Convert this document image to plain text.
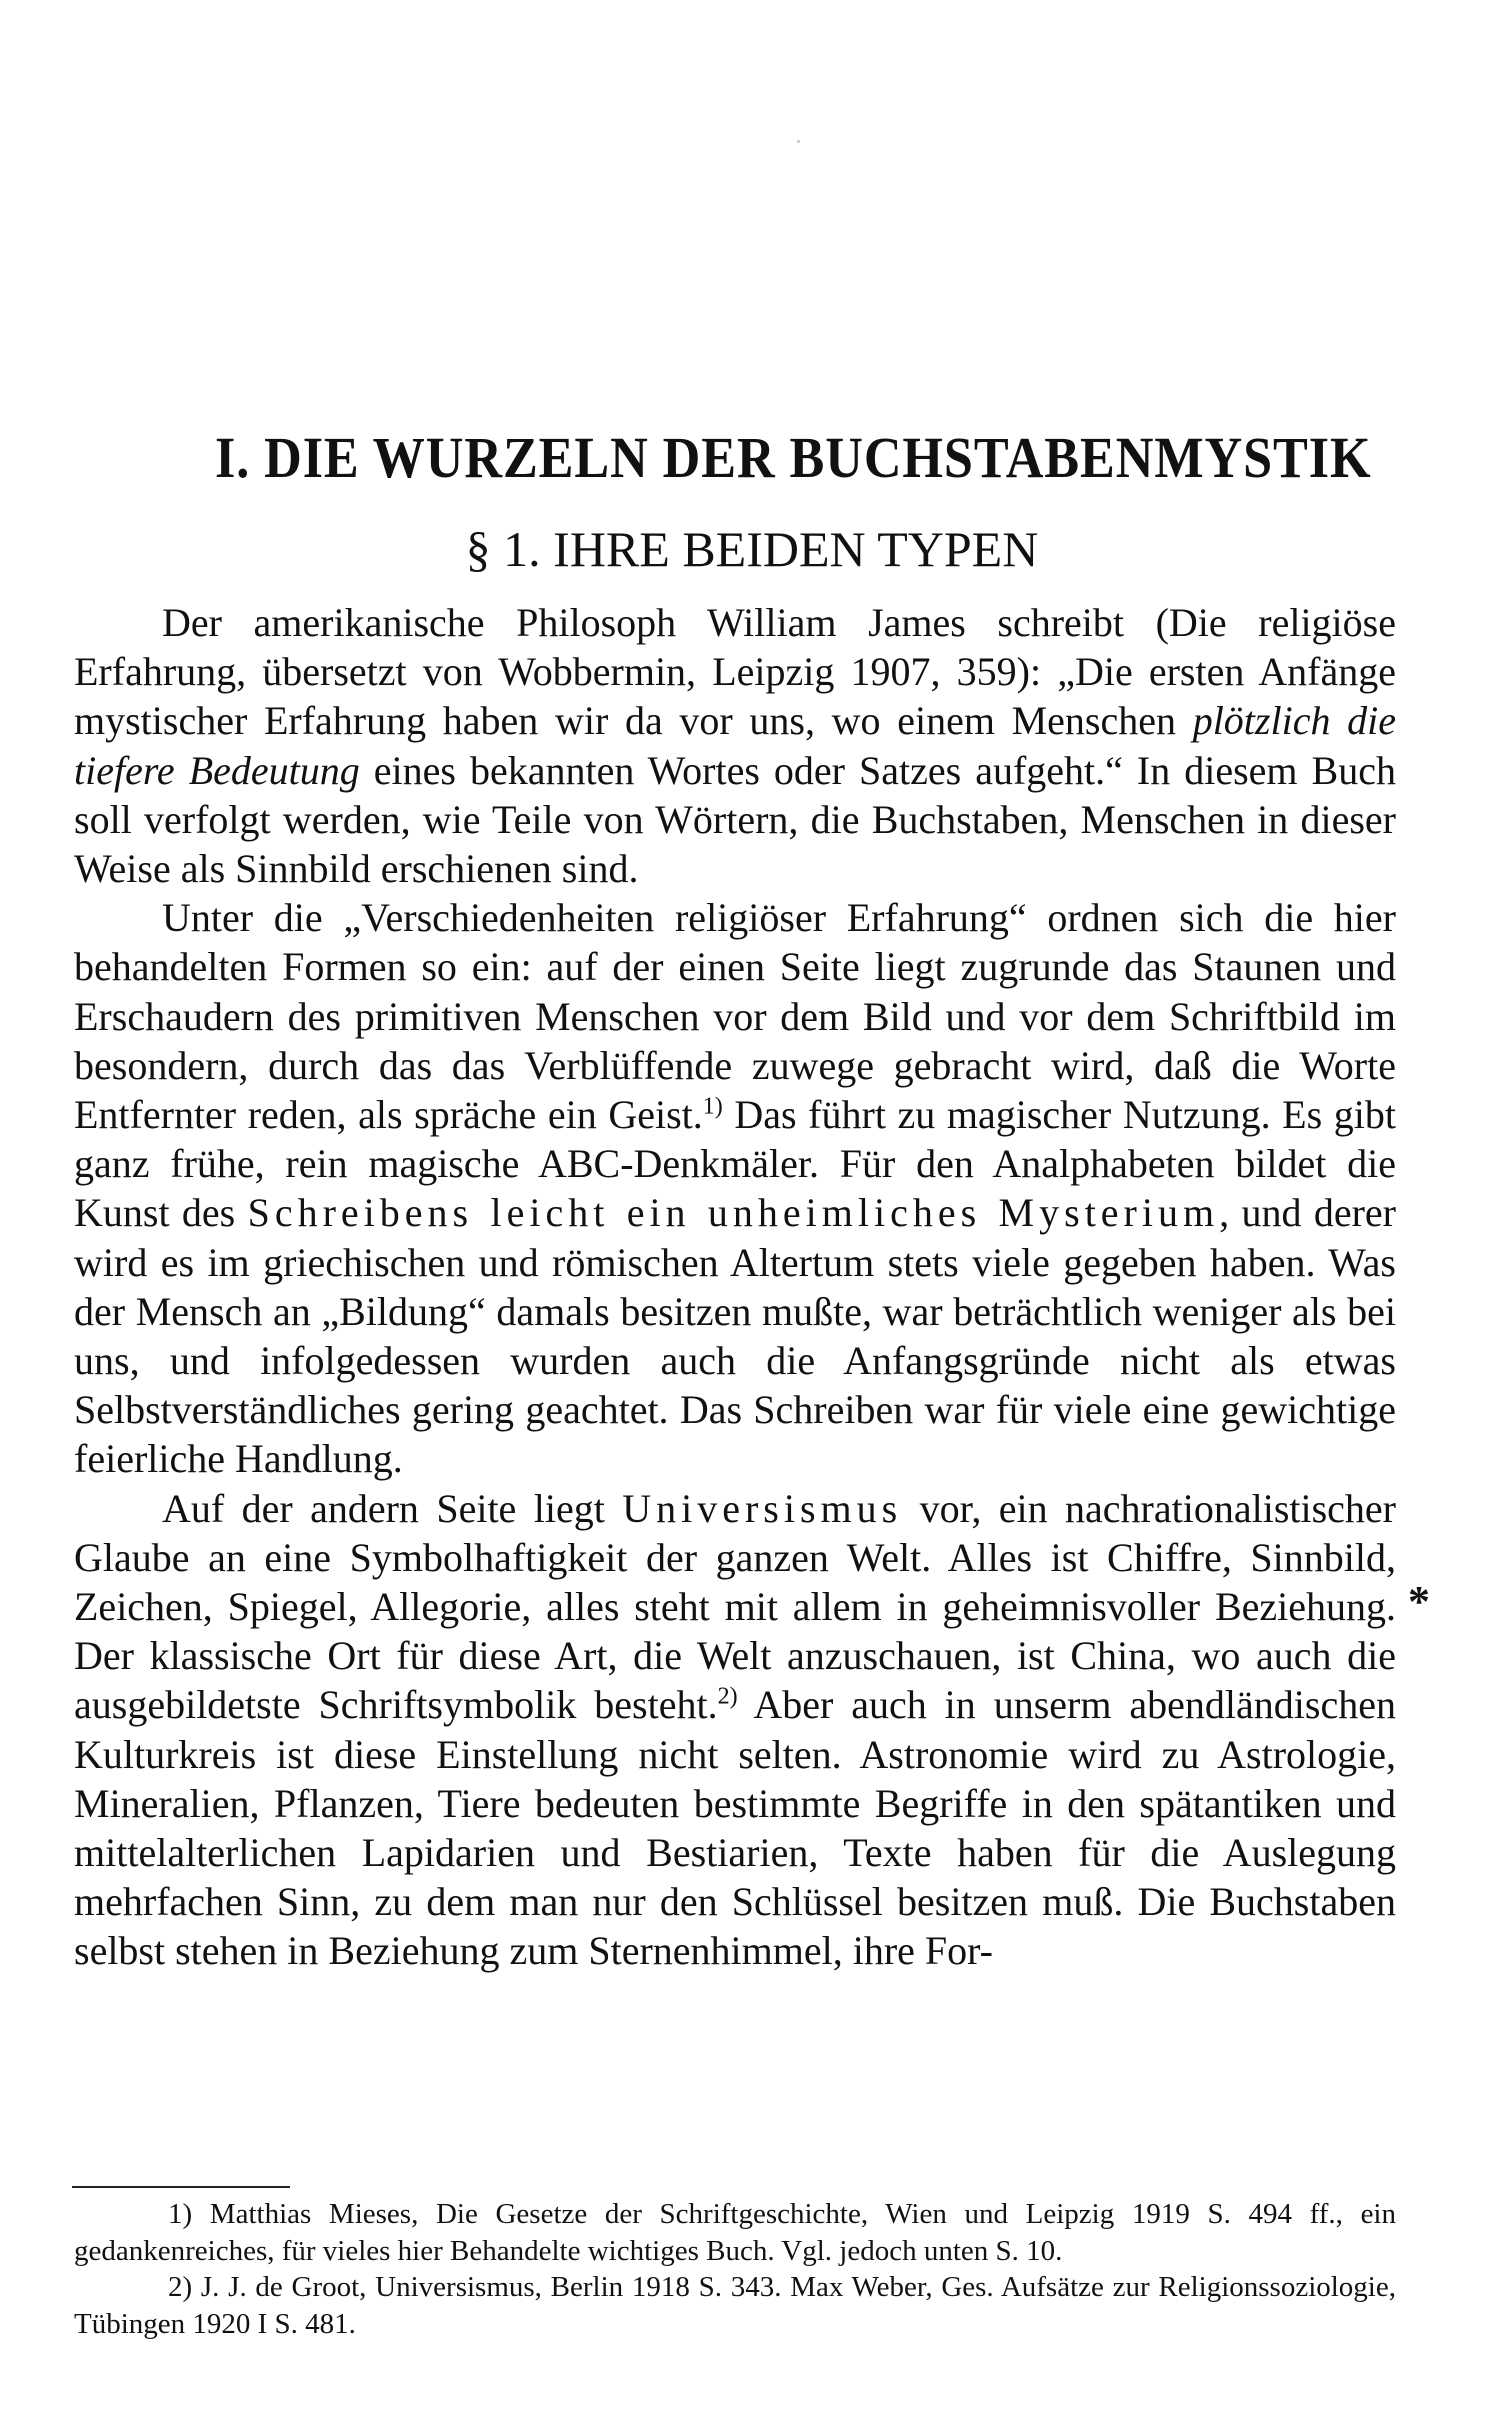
I. DIE WURZELN DER BUCHSTABENMYSTIK
§ 1. IHRE BEIDEN TYPEN

Der amerikanische Philosoph William James schreibt (Die religiöse Erfahrung, übersetzt von Wobbermin, Leipzig 1907, 359): „Die ersten Anfänge mystischer Erfahrung haben wir da vor uns, wo einem Menschen plötzlich die tiefere Bedeutung eines bekannten Wortes oder Satzes aufgeht.“ In diesem Buch soll verfolgt werden, wie Teile von Wörtern, die Buchstaben, Menschen in dieser Weise als Sinnbild erschienen sind.

Unter die „Verschiedenheiten religiöser Erfahrung“ ordnen sich die hier behandelten Formen so ein: auf der einen Seite liegt zugrunde das Staunen und Erschaudern des primitiven Menschen vor dem Bild und vor dem Schriftbild im besondern, durch das das Verblüffende zuwege gebracht wird, daß die Worte Entfernter reden, als spräche ein Geist.$^{1)}$ Das führt zu magischer Nutzung. Es gibt ganz frühe, rein magische ABC-Denkmäler. Für den Analphabeten bildet die Kunst des Schreibens leicht ein unheimliches Mysterium, und derer wird es im griechischen und römischen Altertum stets viele gegeben haben. Was der Mensch an „Bildung“ damals besitzen mußte, war beträchtlich weniger als bei uns, und infolgedessen wurden auch die Anfangsgründe nicht als etwas Selbstverständliches gering geachtet. Das Schreiben war für viele eine gewichtige feierliche Handlung.

Auf der andern Seite liegt Universismus vor, ein nachrationalistischer Glaube an eine Symbolhaftigkeit der ganzen Welt. Alles ist Chiffre, Sinnbild, Zeichen, Spiegel, Allegorie, alles steht mit allem in geheimnisvoller Beziehung. Der klassische Ort für diese Art, die Welt anzuschauen, ist China, wo auch die ausgebildetste Schriftsymbolik besteht.$^{2)}$ Aber auch in unserm abendländischen Kulturkreis ist diese Einstellung nicht selten. Astronomie wird zu Astrologie, Mineralien, Pflanzen, Tiere bedeuten bestimmte Begriffe in den spätantiken und mittelalterlichen Lapidarien und Bestiarien, Texte haben für die Auslegung mehrfachen Sinn, zu dem man nur den Schlüssel besitzen muß. Die Buchstaben selbst stehen in Beziehung zum Sternenhimmel, ihre For-

*

1) Matthias Mieses, Die Gesetze der Schriftgeschichte, Wien und Leipzig 1919 S. 494 ff., ein gedankenreiches, für vieles hier Behandelte wichtiges Buch. Vgl. jedoch unten S. 10.

2) J. J. de Groot, Universismus, Berlin 1918 S. 343. Max Weber, Ges. Aufsätze zur Religionssoziologie, Tübingen 1920 I S. 481.
